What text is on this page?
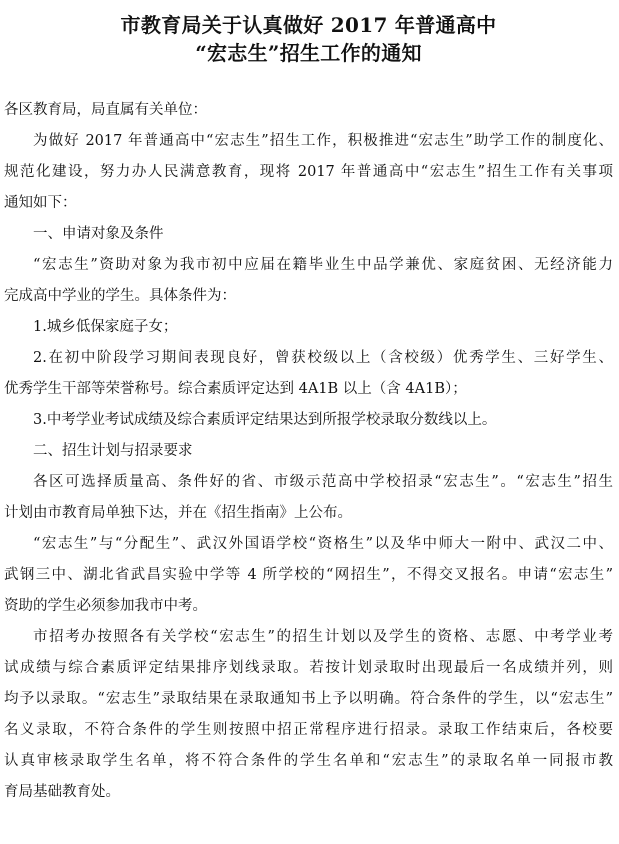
市教育局关于认真做好 2017 年普通高中
“宏志生”招生工作的通知
各区教育局，局直属有关单位：
为做好 2017 年普通高中“宏志生”招生工作，积极推进“宏志生”助学工作的制度化、
规范化建设，努力办人民满意教育，现将 2017 年普通高中“宏志生”招生工作有关事项
通知如下：
一、申请对象及条件
“宏志生”资助对象为我市初中应届在籍毕业生中品学兼优、家庭贫困、无经济能力
完成高中学业的学生。具体条件为：
1.城乡低保家庭子女；
2.在初中阶段学习期间表现良好，曾获校级以上（含校级）优秀学生、三好学生、
优秀学生干部等荣誉称号。综合素质评定达到 4A1B 以上（含 4A1B）；
3.中考学业考试成绩及综合素质评定结果达到所报学校录取分数线以上。
二、招生计划与招录要求
各区可选择质量高、条件好的省、市级示范高中学校招录“宏志生”。“宏志生”招生
计划由市教育局单独下达，并在《招生指南》上公布。
“宏志生”与“分配生”、武汉外国语学校“资格生”以及华中师大一附中、武汉二中、
武钢三中、湖北省武昌实验中学等 4 所学校的“网招生”，不得交叉报名。申请“宏志生”
资助的学生必须参加我市中考。
市招考办按照各有关学校“宏志生”的招生计划以及学生的资格、志愿、中考学业考
试成绩与综合素质评定结果排序划线录取。若按计划录取时出现最后一名成绩并列，则
均予以录取。“宏志生”录取结果在录取通知书上予以明确。符合条件的学生，以“宏志生”
名义录取，不符合条件的学生则按照中招正常程序进行招录。录取工作结束后，各校要
认真审核录取学生名单，将不符合条件的学生名单和“宏志生”的录取名单一同报市教
育局基础教育处。
